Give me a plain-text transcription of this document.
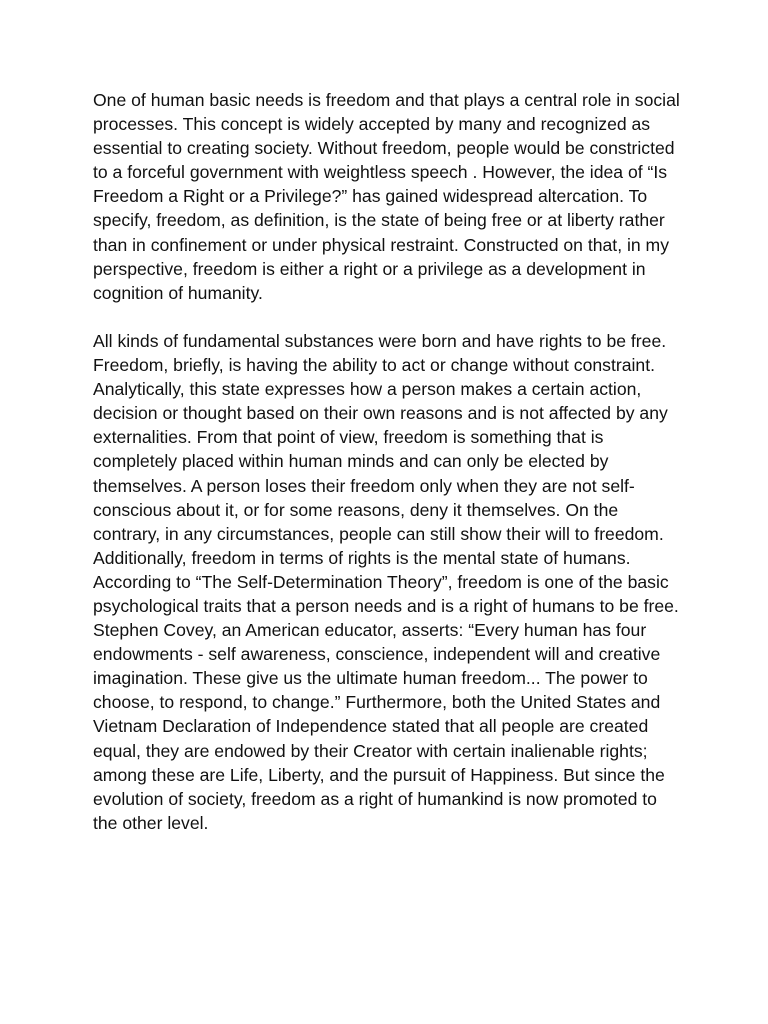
One of human basic needs is freedom and that plays a central role in social processes. This concept is widely accepted by many and recognized as essential to creating society. Without freedom, people would be constricted to a forceful government with weightless speech . However, the idea of “Is Freedom a Right or a Privilege?” has gained widespread altercation. To specify, freedom, as definition, is the state of being free or at liberty rather than in confinement or under physical restraint. Constructed on that, in my perspective, freedom is either a right or a privilege as a development in cognition of humanity.

All kinds of fundamental substances were born and have rights to be free. Freedom, briefly, is having the ability to act or change without constraint. Analytically, this state expresses how a person makes a certain action, decision or thought based on their own reasons and is not affected by any externalities. From that point of view, freedom is something that is completely placed within human minds and can only be elected by themselves. A person loses their freedom only when they are not self-conscious about it, or for some reasons, deny it themselves. On the contrary, in any circumstances, people can still show their will to freedom. Additionally, freedom in terms of rights is the mental state of humans. According to “The Self-Determination Theory”, freedom is one of the basic psychological traits that a person needs and is a right of humans to be free. Stephen Covey, an American educator, asserts: “Every human has four endowments - self awareness, conscience, independent will and creative imagination. These give us the ultimate human freedom... The power to choose, to respond, to change.” Furthermore, both the United States and Vietnam Declaration of Independence stated that all people are created equal, they are endowed by their Creator with certain inalienable rights; among these are Life, Liberty, and the pursuit of Happiness. But since the evolution of society, freedom as a right of humankind is now promoted to the other level.
